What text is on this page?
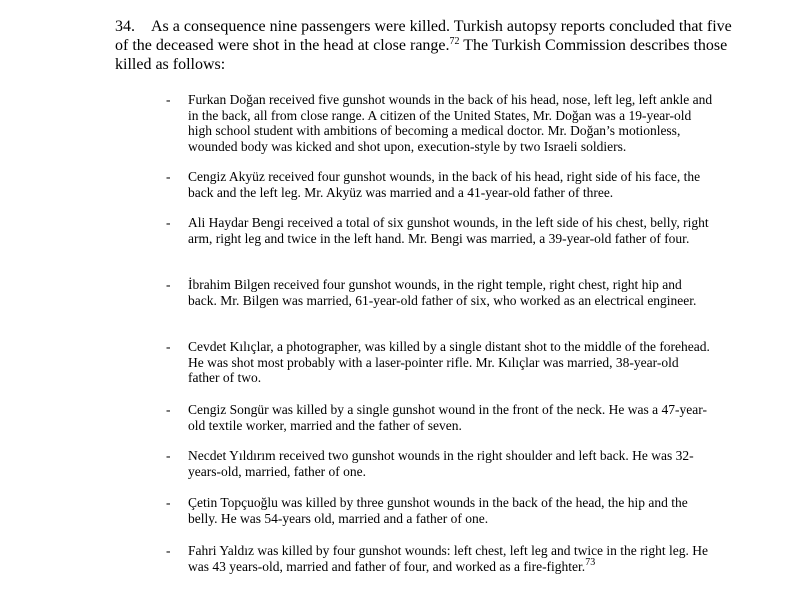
34. As a consequence nine passengers were killed. Turkish autopsy reports concluded that five of the deceased were shot in the head at close range.$^{72}$ The Turkish Commission describes those killed as follows:
- Furkan Doğan received five gunshot wounds in the back of his head, nose, left leg, left ankle and in the back, all from close range. A citizen of the United States, Mr. Doğan was a 19-year-old high school student with ambitions of becoming a medical doctor. Mr. Doğan’s motionless, wounded body was kicked and shot upon, execution-style by two Israeli soldiers.
- Cengiz Akyüz received four gunshot wounds, in the back of his head, right side of his face, the back and the left leg. Mr. Akyüz was married and a 41-year-old father of three.
- Ali Haydar Bengi received a total of six gunshot wounds, in the left side of his chest, belly, right arm, right leg and twice in the left hand. Mr. Bengi was married, a 39-year-old father of four.
- İbrahim Bilgen received four gunshot wounds, in the right temple, right chest, right hip and back. Mr. Bilgen was married, 61-year-old father of six, who worked as an electrical engineer.
- Cevdet Kılıçlar, a photographer, was killed by a single distant shot to the middle of the forehead. He was shot most probably with a laser-pointer rifle. Mr. Kılıçlar was married, 38-year-old father of two.
- Cengiz Songür was killed by a single gunshot wound in the front of the neck. He was a 47-year-old textile worker, married and the father of seven.
- Necdet Yıldırım received two gunshot wounds in the right shoulder and left back. He was 32-years-old, married, father of one.
- Çetin Topçuoğlu was killed by three gunshot wounds in the back of the head, the hip and the belly. He was 54-years old, married and a father of one.
- Fahri Yaldız was killed by four gunshot wounds: left chest, left leg and twice in the right leg. He was 43 years-old, married and father of four, and worked as a fire-fighter.$^{73}$
